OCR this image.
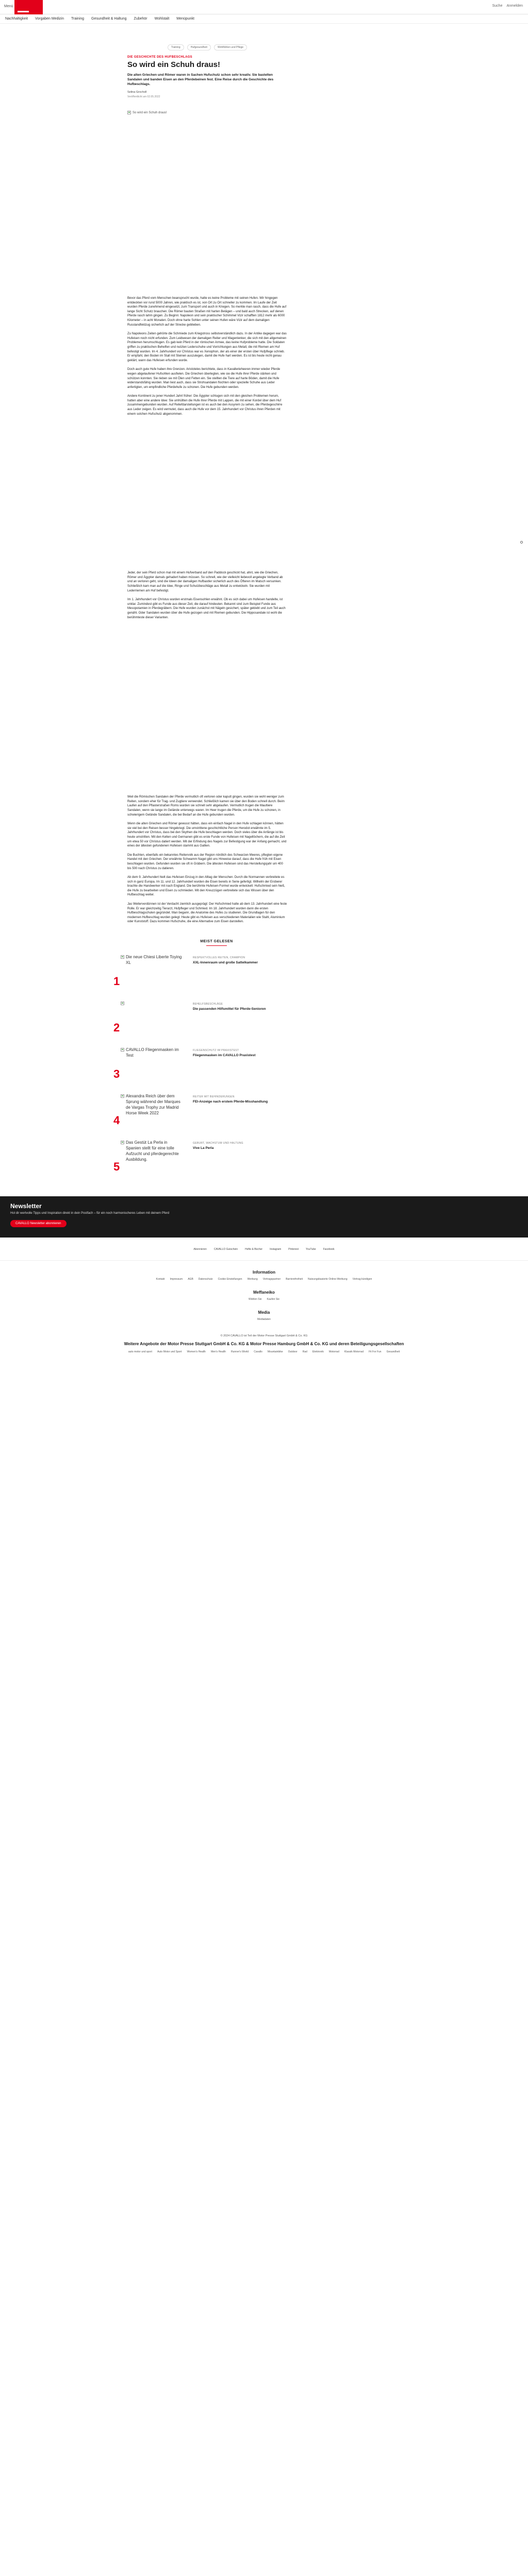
Menü	Suche Anmelden
Nachhaltigkeit Vorgaben Medizin Training Gesundheit & Haltung Zubehör Wohlstalt Menüpunkt
Training	Hufgesundheit	Wohlfühlen und Pflege
DIE GESCHICHTE DES HUFBESCHLAGS
So wird ein Schuh draus!

Die alten Griechen und Römer waren in Sachen Hufschutz schon sehr kreativ. Sie bastelten Sandalen und banden Eisen an den Pferdebeinen fest. Eine Reise durch die Geschichte des Hufbeschlags.

Selina Grocholl
Veröffentlicht am 02.05.2022
So wird ein Schuh draus!

Bevor das Pferd vom Menschen beansprucht wurde, hatte es keine Probleme mit seinen Hufen. Wir hingegen entdeckten vor rund 5000 Jahren, wie praktisch es ist, von Ort zu Ort schneller zu kommen. Im Laufe der Zeit wurden Pferde zunehmend eingesetzt, zum Transport und auch in Kriegen. So merkte man rasch, dass die Hufe auf lange Sicht Schutz brauchen. Die Römer bauten Straßen mit harten Belägen – und bald auch Strecken, auf denen Pferde rasch lahm gingen. Zu Beginn: Napoleon und sein praktischer Schimmel Vizir schafften 1812 mehr als 6000 Kilometer – in acht Monaten. Doch ohne harte Sohlen unter seinen Hufen wäre Vizir auf dem damaligen Russlandfeldzug sicherlich auf der Strecke geblieben.

Zu Napoleons Zeiten gehörte die Schmiede zum Kriegstross selbstverständlich dazu. In der Antike dagegen war das Hufeisen noch nicht erfunden. Zum Leidwesen der damaligen Reiter und Wagenlenker, die sich mit den allgemeinen Problemen herumschlugen. Es gab kein Pferd in der römischen Armee, das keine Hufprobleme hatte. Die Soldaten griffen zu praktischen Behelfen und nutzten Lederschuhe und Vorrichtungen aus Metall, die mit Riemen am Huf befestigt wurden. Im 4. Jahrhundert vor Christus war es Xenophon, der als einer der ersten über Hufpflege schrieb. Er empfahl, den Boden im Stall mit Steinen auszulegen, damit die Hufe hart werden. Es ist bis heute nicht genau geklärt, wann das Hufeisen erfunden wurde.

Doch auch gute Hufe haben ihre Grenzen. Aristoteles berichtete, dass in Kavallerieheeren immer wieder Pferde wegen abgelaufener Hufsohlen ausfielen. Die Griechen überlegten, wie sie die Hufe ihrer Pferde stärken und schützen konnten. Sie rieben sie mit Ölen und Fetten ein. Sie stellten die Tiere auf harte Böden, damit die Hufe widerstandsfähig wurden. Man liest auch, dass sie Strohsandalen flochten oder spezielle Schuhe aus Leder anfertigten, um empfindliche Pferdehufe zu schonen. Die Hufe gebunden werden.

Andere Kontinent zu jener Hundert Jahrt früher: Die Ägypter schlugen sich mit den gleichen Problemen herum, hatten aber eine andere Idee: Sie umhüllten die Hufe ihrer Pferde mit Lappen, die mit einer Kordel über dem Huf zusammengebunden wurden. Auf Reliefdarstellungen ist es auch bei den Assyrern zu sehen, die Pferdegeschirre aus Leder zeigen. Es wird vermutet, dass auch die Hufe vor dem 15. Jahrhundert vor Christus ihren Pferden mit einem solchen Hufschutz abgenommen.

Jeder, der sein Pferd schon mal mit einem Hufverband auf den Paddock geschickt hat, ahnt, wie die Griechen, Römer und Ägypter damals gehadert haben müssen. So schnell, wie der vielleicht liebevoll angelegte Verband ab und an verloren geht, sind die Ideen der damaligen Hufbastler sicherlich auch des Öfteren im Matsch versunken. Schließlich kam man auf die Idee, Ringe und Schutzbeschläge aus Metall zu entwickeln. Sie wurden mit Lederriemen am Huf befestigt.

Im 1. Jahrhundert vor Christus wurden erstmals Eisensohlen erwähnt. Ob es sich dabei um Hufeisen handelte, ist unklar. Zumindest gibt es Funde aus dieser Zeit, die darauf hindeuten. Bekannt sind zum Beispiel Funde aus Mesopotamien in Pferdegräbern. Die Hufe wurden zunächst mit Nägeln gesichert, später geklebt und zum Teil auch genäht. Oder Sandalen wurden über die Hufe gezogen und mit Riemen gebunden. Die Hipposandale ist wohl die berühmteste dieser Varianten.

Weil die Römischen Sandalen der Pferde vermutlich oft verloren oder kaputt gingen, wurden sie wohl weniger zum Reiten, sondern eher für Trag- und Zugtiere verwendet. Schließlich kamen sie über den Boden schnell durch. Beim Laufen auf den Pflasterstraßen Roms wurden sie schnell sehr abgelaufen. Vermutlich trugen die Maultiere Sandalen, wenn sie lange im Gelände unterwegs waren. Im Heer trugen die Pferde, um die Hufe zu schonen, in schwierigem Gelände Sandalen, die bei Bedarf an die Hufe gebunden wurden.

Wenn die alten Griechen und Römer gewusst hätten, dass ein einfach Nagel in den Hufe schlagen können, hätten sie viel bei den Reisen besser hingekriegt. Die umstrittene geschichtliche Person Herodot erwähnte im 5. Jahrhundert vor Christus, dass bei den Skythen die Hufe beschlagen werden. Doch vieles über die Anfänge ist bis heute umstritten. Mit den Kelten und Germanen gibt es erste Funde von Hufeisen mit Nagellöchern, die auf die Zeit um etwa 50 vor Christus datiert werden. Mit der Erfindung des Nagels zur Befestigung war der Anfang gemacht, und eines der ältesten gefundenen Hufeisen stammt aus Gallien.

Die Buchten, ebenfalls ein bekanntes Reitervolk aus der Region nördlich des Schwarzen Meeres, pflegten eigene Handel mit den Griechen. Der erwähnte Schwamm Nagel gibt uns Hinweise darauf, dass die Hufe früh mit Eisen beschlagen wurden. Gefunden wurden sie oft in Gräbern. Die ältesten Hufeisen sind das Herstellungsjahr um 400 bis 500 nach Christus zu datieren.

Ab dem 9. Jahrhundert hielt das Hufeisen Einzug in den Alltag der Menschen. Durch die Normannen verbreitete es sich in ganz Europa. Im 11. und 12. Jahrhundert wurden die Eisen bereits in Serie gefertigt. Wilhelm der Eroberer brachte die Handwerker mit nach England. Die berühmte Hufeisen-Formel wurde entwickelt: Hufschmied sein hieß, die Hufe zu bearbeiten und Eisen zu schmieden. Mit den Kreuzzügen verbreitete sich das Wissen über den Hufbeschlag weiter.

Jas Weiterverdünnen ist der Verdacht ziemlich ausgeprägt: Der Hufschmied hatte ab dem 13. Jahrhundert eine feste Rolle. Er war gleichzeitig Tierarzt, Hufpfleger und Schmied. Im 18. Jahrhundert wurden dann die ersten Hufbeschlagschulen gegründet. Man begann, die Anatomie des Hufes zu studieren. Die Grundlagen für den modernen Hufbeschlag wurden gelegt. Heute gibt es Hufeisen aus verschiedenen Materialien wie Stahl, Aluminium oder Kunststoff. Dazu kommen Hufschuhe, die eine Alternative zum Eisen darstellen.

MEIST GELESEN
1
Die neue Chiesi Liberte Toying XL
RESPEKTVOLLES REITEN, CHAMPION
XXL-Innenraum und große Sattelkammer
2
BEHELFSBESCHLÄGE
Die passenden Hilfsmittel für Pferde-Senioren
3
CAVALLO Fliegenmasken im Test
FLIEGENSCHUTZ IM PRAXISTEST
Fliegenmasken im CAVALLO Praxistest
4
Alexandra Reich über dem Sprung während der Marques de Vargas Trophy zur Madrid Horse Week 2022
REITER MIT BEHINDERUNGEN
FEI-Anzeige nach erstem Pferde-Misshandlung
5
Das Gestüt La Perla in Spanien stellt für eine tolle Aufzucht und pferdegerechte Ausbildung.
GEBURT, WACHSTUM UND HALTUNG
Vive La Perla
Newsletter
Hol dir wertvolle Tipps und Inspiration direkt in dein Postfach – für ein noch harmonischeres Leben mit deinem Pferd
CAVALLO Newsletter abonnieren
Abonnieren	CAVALLO Gutschein	Hefte & Bücher	Instagram	Pinterest	YouTube	Facebook
Information
Kontakt Impressum AGB Datenschutz Cookie Einstellungen Werbung Vertragspartner Barrierefreiheit Nutzungsbasierte Online-Werbung Vertrag kündigen
Meffaneiko
Wählen Sie Kaufen Sie
Media
Mediadaten
© 2024 CAVALLO ist Teil der Motor Presse Stuttgart GmbH & Co. KG
Weitere Angebote der Motor Presse Stuttgart GmbH & Co. KG & Motor Presse Hamburg GmbH & Co. KG und deren Beteiligungsgesellschaften
auto motor und sport Auto Motor und Sport Women's Health Men's Health Runner's World Cavallo Mountainbike Outdoor Rad Elektronik Motorrad Klassik Motorrad Fit For Fun Gesundheit
